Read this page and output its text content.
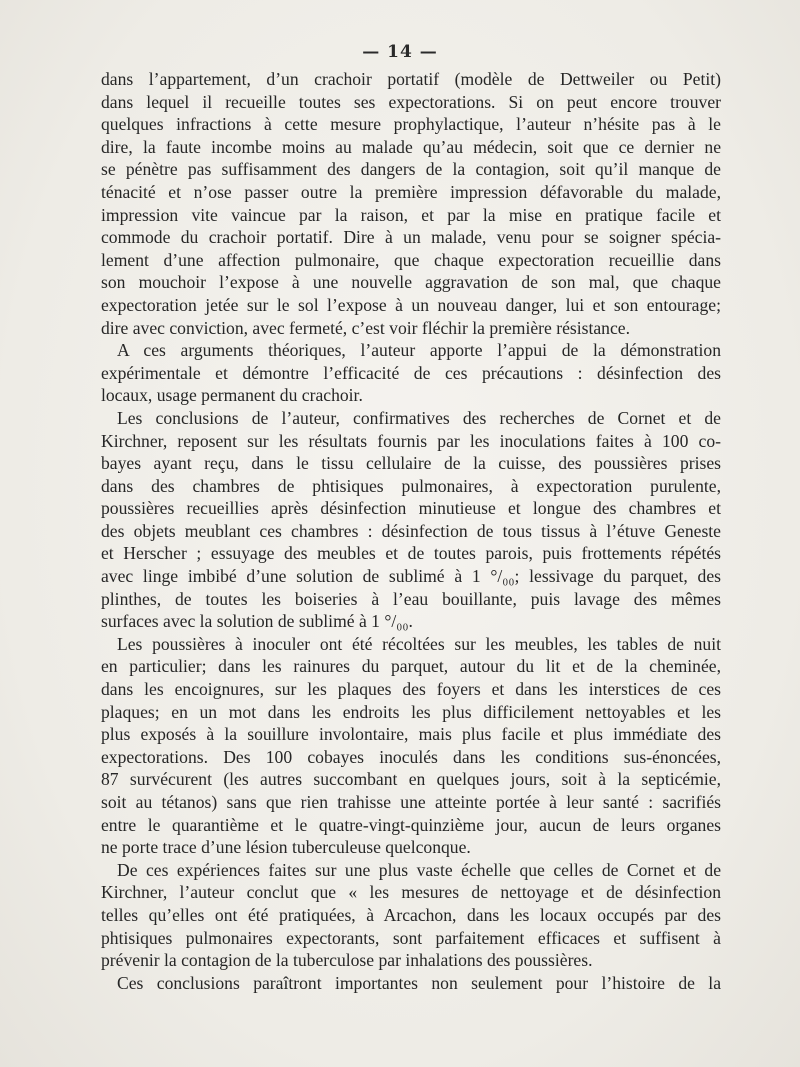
— 14 —
dans l’appartement, d’un crachoir portatif (modèle de Dettweiler ou Petit)
dans lequel il recueille toutes ses expectorations. Si on peut encore trouver
quelques infractions à cette mesure prophylactique, l’auteur n’hésite pas à le
dire, la faute incombe moins au malade qu’au médecin, soit que ce dernier ne
se pénètre pas suffisamment des dangers de la contagion, soit qu’il manque de
ténacité et n’ose passer outre la première impression défavorable du malade,
impression vite vaincue par la raison, et par la mise en pratique facile et
commode du crachoir portatif. Dire à un malade, venu pour se soigner spécia-
lement d’une affection pulmonaire, que chaque expectoration recueillie dans
son mouchoir l’expose à une nouvelle aggravation de son mal, que chaque
expectoration jetée sur le sol l’expose à un nouveau danger, lui et son entourage;
dire avec conviction, avec fermeté, c’est voir fléchir la première résistance.
A ces arguments théoriques, l’auteur apporte l’appui de la démonstration
expérimentale et démontre l’efficacité de ces précautions : désinfection des
locaux, usage permanent du crachoir.
Les conclusions de l’auteur, confirmatives des recherches de Cornet et de
Kirchner, reposent sur les résultats fournis par les inoculations faites à 100 co-
bayes ayant reçu, dans le tissu cellulaire de la cuisse, des poussières prises
dans des chambres de phtisiques pulmonaires, à expectoration purulente,
poussières recueillies après désinfection minutieuse et longue des chambres et
des objets meublant ces chambres : désinfection de tous tissus à l’étuve Geneste
et Herscher ; essuyage des meubles et de toutes parois, puis frottements répétés
avec linge imbibé d’une solution de sublimé à 1 °/₀₀; lessivage du parquet, des
plinthes, de toutes les boiseries à l’eau bouillante, puis lavage des mêmes
surfaces avec la solution de sublimé à 1 °/₀₀.
Les poussières à inoculer ont été récoltées sur les meubles, les tables de nuit
en particulier; dans les rainures du parquet, autour du lit et de la cheminée,
dans les encoignures, sur les plaques des foyers et dans les interstices de ces
plaques; en un mot dans les endroits les plus difficilement nettoyables et les
plus exposés à la souillure involontaire, mais plus facile et plus immédiate des
expectorations. Des 100 cobayes inoculés dans les conditions sus-énoncées,
87 survécurent (les autres succombant en quelques jours, soit à la septicémie,
soit au tétanos) sans que rien trahisse une atteinte portée à leur santé : sacrifiés
entre le quarantième et le quatre-vingt-quinzième jour, aucun de leurs organes
ne porte trace d’une lésion tuberculeuse quelconque.
De ces expériences faites sur une plus vaste échelle que celles de Cornet et de
Kirchner, l’auteur conclut que « les mesures de nettoyage et de désinfection
telles qu’elles ont été pratiquées, à Arcachon, dans les locaux occupés par des
phtisiques pulmonaires expectorants, sont parfaitement efficaces et suffisent à
prévenir la contagion de la tuberculose par inhalations des poussières.
Ces conclusions paraîtront importantes non seulement pour l’histoire de la
